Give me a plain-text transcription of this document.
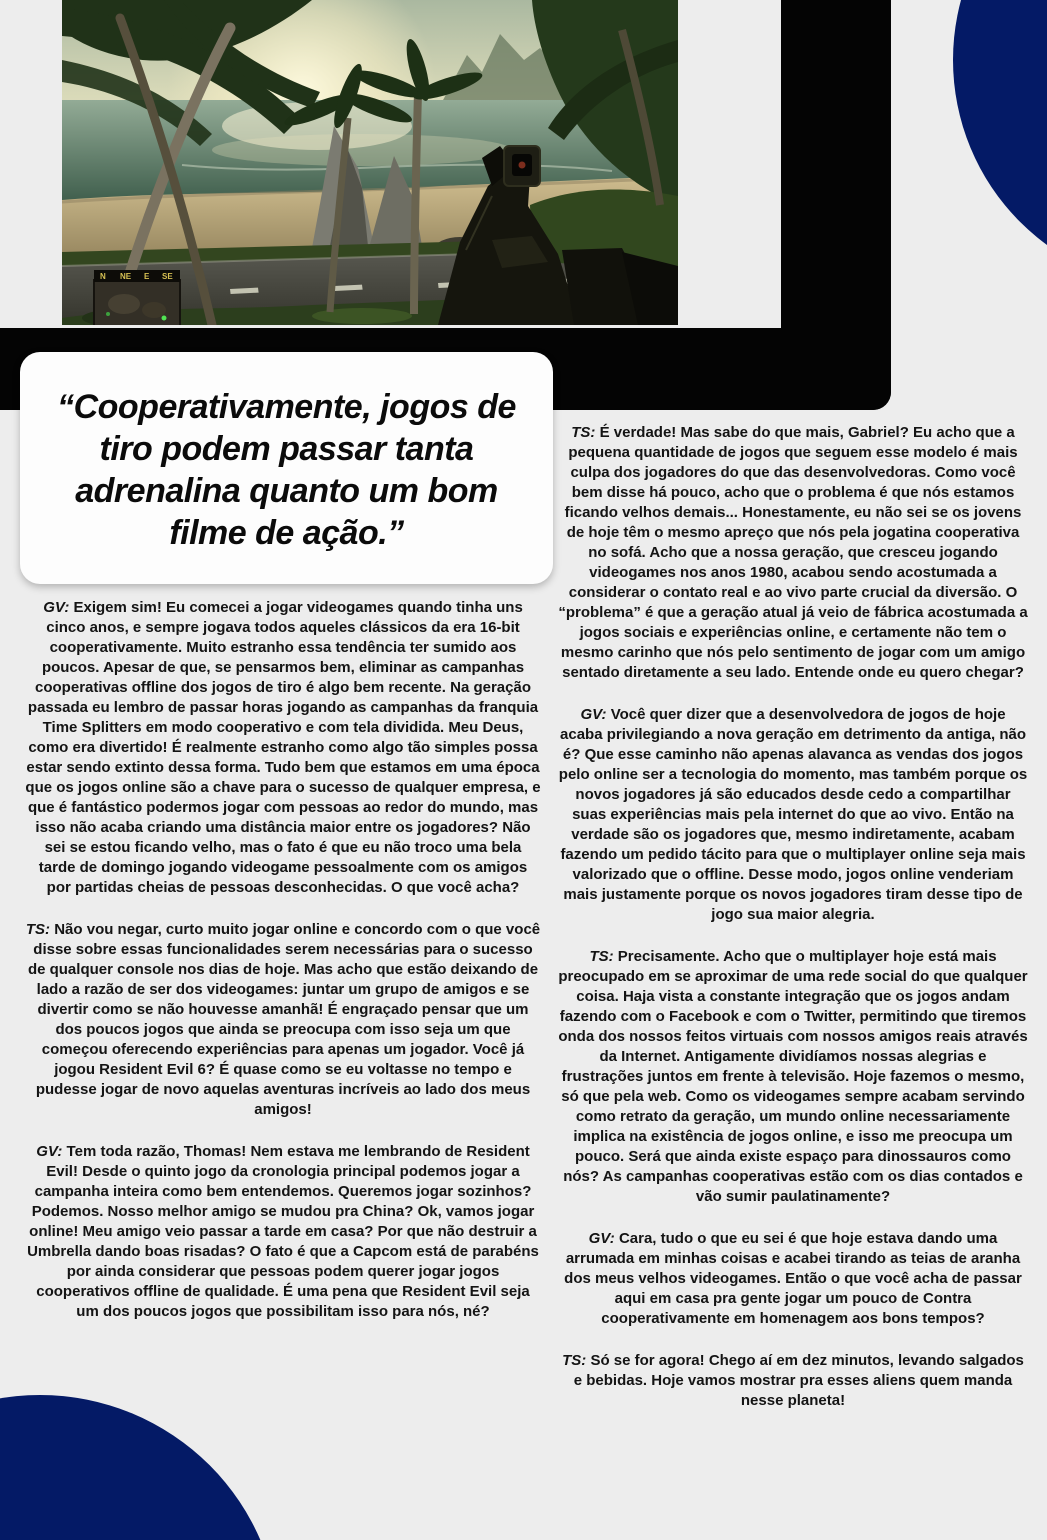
N NE E SE
“Cooperativamente, jogos de tiro podem passar tanta adrenalina quanto um bom filme de ação.”

GV: Exigem sim! Eu comecei a jogar videogames quando tinha uns cinco anos, e sempre jogava todos aqueles clássicos da era 16-bit cooperativamente. Muito estranho essa tendência ter sumido aos poucos. Apesar de que, se pensarmos bem, eliminar as campanhas cooperativas offline dos jogos de tiro é algo bem recente. Na geração passada eu lembro de passar horas jogando as campanhas da franquia Time Splitters em modo cooperativo e com tela dividida. Meu Deus, como era divertido! É realmente estranho como algo tão simples possa estar sendo extinto dessa forma. Tudo bem que estamos em uma época que os jogos online são a chave para o sucesso de qualquer empresa, e que é fantástico podermos jogar com pessoas ao redor do mundo, mas isso não acaba criando uma distância maior entre os jogadores? Não sei se estou ficando velho, mas o fato é que eu não troco uma bela tarde de domingo jogando videogame pessoalmente com os amigos por partidas cheias de pessoas desconhecidas. O que você acha?

TS: Não vou negar, curto muito jogar online e concordo com o que você disse sobre essas funcionalidades serem necessárias para o sucesso de qualquer console nos dias de hoje. Mas acho que estão deixando de lado a razão de ser dos videogames: juntar um grupo de amigos e se divertir como se não houvesse amanhã! É engraçado pensar que um dos poucos jogos que ainda se preocupa com isso seja um que começou oferecendo experiências para apenas um jogador. Você já jogou Resident Evil 6? É quase como se eu voltasse no tempo e pudesse jogar de novo aquelas aventuras incríveis ao lado dos meus amigos!

GV: Tem toda razão, Thomas! Nem estava me lembrando de Resident Evil! Desde o quinto jogo da cronologia principal podemos jogar a campanha inteira como bem entendemos. Queremos jogar sozinhos? Podemos. Nosso melhor amigo se mudou pra China? Ok, vamos jogar online! Meu amigo veio passar a tarde em casa? Por que não destruir a Umbrella dando boas risadas? O fato é que a Capcom está de parabéns por ainda considerar que pessoas podem querer jogar jogos cooperativos offline de qualidade. É uma pena que Resident Evil seja um dos poucos jogos que possibilitam isso para nós, né?

TS: É verdade! Mas sabe do que mais, Gabriel? Eu acho que a pequena quantidade de jogos que seguem esse modelo é mais culpa dos jogadores do que das desenvolvedoras. Como você bem disse há pouco, acho que o problema é que nós estamos ficando velhos demais... Honestamente, eu não sei se os jovens de hoje têm o mesmo apreço que nós pela jogatina cooperativa no sofá. Acho que a nossa geração, que cresceu jogando videogames nos anos 1980, acabou sendo acostumada a considerar o contato real e ao vivo parte crucial da diversão. O “problema” é que a geração atual já veio de fábrica acostumada a jogos sociais e experiências online, e certamente não tem o mesmo carinho que nós pelo sentimento de jogar com um amigo sentado diretamente a seu lado. Entende onde eu quero chegar?

GV: Você quer dizer que a desenvolvedora de jogos de hoje acaba privilegiando a nova geração em detrimento da antiga, não é? Que esse caminho não apenas alavanca as vendas dos jogos pelo online ser a tecnologia do momento, mas também porque os novos jogadores já são educados desde cedo a compartilhar suas experiências mais pela internet do que ao vivo. Então na verdade são os jogadores que, mesmo indiretamente, acabam fazendo um pedido tácito para que o multiplayer online seja mais valorizado que o offline. Desse modo, jogos online venderiam mais justamente porque os novos jogadores tiram desse tipo de jogo sua maior alegria.

TS: Precisamente. Acho que o multiplayer hoje está mais preocupado em se aproximar de uma rede social do que qualquer coisa. Haja vista a constante integração que os jogos andam fazendo com o Facebook e com o Twitter, permitindo que tiremos onda dos nossos feitos virtuais com nossos amigos reais através da Internet. Antigamente dividíamos nossas alegrias e frustrações juntos em frente à televisão. Hoje fazemos o mesmo, só que pela web. Como os videogames sempre acabam servindo como retrato da geração, um mundo online necessariamente implica na existência de jogos online, e isso me preocupa um pouco. Será que ainda existe espaço para dinossauros como nós? As campanhas cooperativas estão com os dias contados e vão sumir paulatinamente?

GV: Cara, tudo o que eu sei é que hoje estava dando uma arrumada em minhas coisas e acabei tirando as teias de aranha dos meus velhos videogames. Então o que você acha de passar aqui em casa pra gente jogar um pouco de Contra cooperativamente em homenagem aos bons tempos?

TS: Só se for agora! Chego aí em dez minutos, levando salgados e bebidas. Hoje vamos mostrar pra esses aliens quem manda nesse planeta!
